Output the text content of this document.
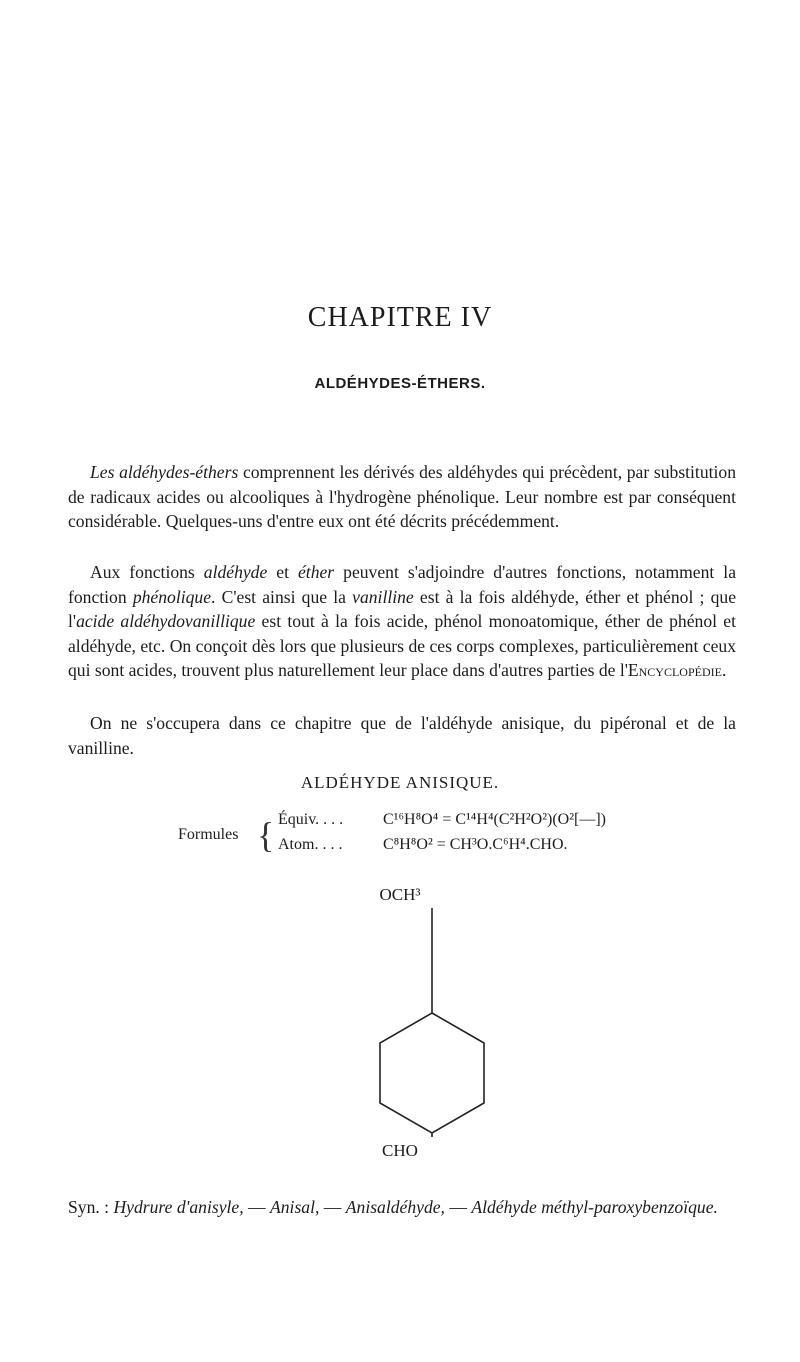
CHAPITRE IV
ALDÉHYDES-ÉTHERS.

Les aldéhydes-éthers comprennent les dérivés des aldéhydes qui précèdent, par substitution de radicaux acides ou alcooliques à l'hydrogène phénolique. Leur nombre est par conséquent considérable. Quelques-uns d'entre eux ont été décrits précédemment.

Aux fonctions aldéhyde et éther peuvent s'adjoindre d'autres fonctions, notamment la fonction phénolique. C'est ainsi que la vanilline est à la fois aldéhyde, éther et phénol ; que l'acide aldéhydovanillique est tout à la fois acide, phénol monoatomique, éther de phénol et aldéhyde, etc. On conçoit dès lors que plusieurs de ces corps complexes, particulièrement ceux qui sont acides, trouvent plus naturellement leur place dans d'autres parties de l'Encyclopédie.

On ne s'occupera dans ce chapitre que de l'aldéhyde anisique, du pipéronal et de la vanilline.

ALDÉHYDE ANISIQUE.
Formules { Équiv. . . . C¹⁶H⁸O⁴ = C¹⁴H⁴(C²H²O²)(O²[—])
Atom. . . .	C⁸H⁸O² = CH³O.C⁶H⁴.CHO.
OCH³
CHO

Syn. : Hydrure d'anisyle, — Anisal, — Anisaldéhyde, — Aldéhyde méthyl-paroxybenzoïque.
